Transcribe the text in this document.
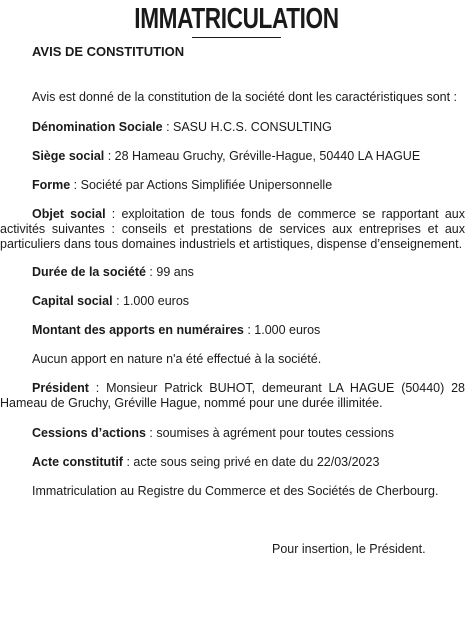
IMMATRICULATION
AVIS DE CONSTITUTION
Avis est donné de la constitution de la société dont les caractéristiques sont :
Dénomination Sociale : SASU H.C.S. CONSULTING
Siège social : 28 Hameau Gruchy, Gréville-Hague, 50440 LA HAGUE
Forme : Société par Actions Simplifiée Unipersonnelle
Objet social : exploitation de tous fonds de commerce se rapportant aux activités suivantes : conseils et prestations de services aux entreprises et aux particuliers dans tous domaines industriels et artistiques, dispense d’enseignement.
Durée de la société : 99 ans
Capital social : 1.000 euros
Montant des apports en numéraires : 1.000 euros
Aucun apport en nature n'a été effectué à la société.
Président : Monsieur Patrick BUHOT, demeurant LA HAGUE (50440) 28 Hameau de Gruchy, Gréville Hague, nommé pour une durée illimitée.
Cessions d’actions : soumises à agrément pour toutes cessions
Acte constitutif : acte sous seing privé en date du 22/03/2023
Immatriculation au Registre du Commerce et des Sociétés de Cherbourg.
Pour insertion, le Président.
